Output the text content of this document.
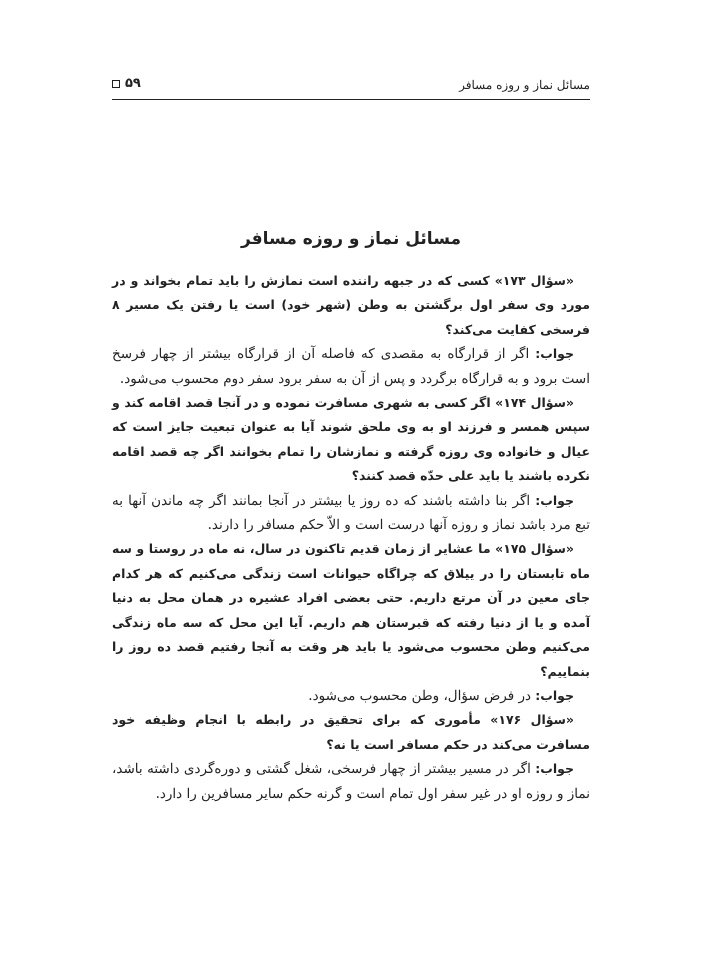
۵۹	مسائل نماز و روزه مسافر
مسائل نماز و روزه مسافر

«سؤال ۱۷۳» کسی که در جبهه راننده است نمازش را باید تمام بخواند و در مورد وی سفر اول برگشتن به وطن (شهر خود) است یا رفتن یک مسیر ۸ فرسخی کفایت می‌کند؟

جواب: اگر از قرارگاه به مقصدی که فاصله آن از قرارگاه بیشتر از چهار فرسخ است برود و به قرارگاه برگردد و پس از آن به سفر برود سفر دوم محسوب می‌شود.

«سؤال ۱۷۴» اگر کسی به شهری مسافرت نموده و در آنجا قصد اقامه کند و سپس همسر و فرزند او به وی ملحق شوند آیا به عنوان تبعیت جایز است که عیال و خانواده وی روزه گرفته و نمازشان را تمام بخوانند اگر چه قصد اقامه نکرده باشند یا باید علی حدّه قصد کنند؟

جواب: اگر بنا داشته باشند که ده روز یا بیشتر در آنجا بمانند اگر چه ماندن آنها به تبع مرد باشد نماز و روزه آنها درست است و الاّ حکم مسافر را دارند.

«سؤال ۱۷۵» ما عشایر از زمان قدیم تاکنون در سال، نه ماه در روستا و سه ماه تابستان را در ییلاق که چراگاه حیوانات است زندگی می‌کنیم که هر کدام جای معین در آن مرتع داریم. حتی بعضی افراد عشیره در همان محل به دنیا آمده و یا از دنیا رفته که قبرستان هم داریم. آیا این محل که سه ماه زندگی می‌کنیم وطن محسوب می‌شود یا باید هر وقت به آنجا رفتیم قصد ده روز را بنماییم؟

جواب: در فرض سؤال، وطن محسوب می‌شود.

«سؤال ۱۷۶» مأموری که برای تحقیق در رابطه با انجام وظیفه خود مسافرت می‌کند در حکم مسافر است یا نه؟

جواب: اگر در مسیر بیشتر از چهار فرسخی، شغل گشتی و دوره‌گردی داشته باشد، نماز و روزه او در غیر سفر اول تمام است و گرنه حکم سایر مسافرین را دارد.
